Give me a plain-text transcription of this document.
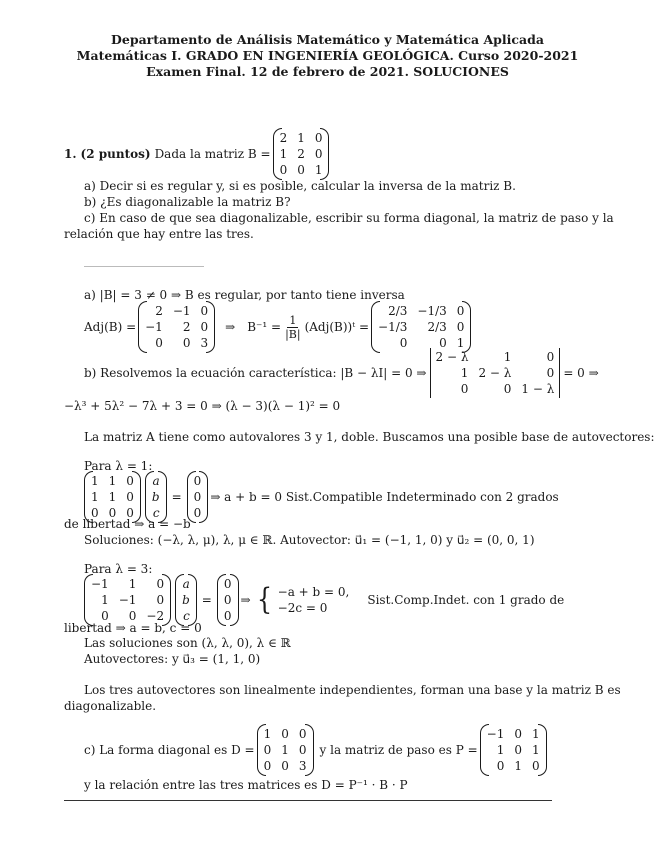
Departamento de Análisis Matemático y Matemática Aplicada
Matemáticas I. GRADO EN INGENIERÍA GEOLÓGICA. Curso 2020-2021
Examen Final. 12 de febrero de 2021. SOLUCIONES
1. (2 puntos) Dada la matriz B =
2	1	0
1	2	0
0	0	1
a) Decir si es regular y, si es posible, calcular la inversa de la matriz B.
b) ¿Es diagonalizable la matriz B?
c) En caso de que sea diagonalizable, escribir su forma diagonal, la matriz de paso y la
relación que hay entre las tres.
a) |B| = 3 ≠ 0 ⇒ B es regular, por tanto tiene inversa
Adj(B) =
2	−1	0
−1	2	0
0	0	3
⇒ $B^{-1} = \frac{1}{|B|}$ (Adj(B))ᵗ =
2/3	−1/3	0
−1/3	2/3	0
0	0	1
b) Resolvemos la ecuación característica: |B − λI| = 0 ⇒
2 − λ	1	0
1	2 − λ	0
0	0	1 − λ
= 0 ⇒
−λ³ + 5λ² − 7λ + 3 = 0 ⇒ (λ − 3)(λ − 1)² = 0
La matriz A tiene como autovalores 3 y 1, doble. Buscamos una posible base de autovectores:
Para λ = 1:
1	1	0
1	1	0
0	0	0
a
b
c
=
0
0
0
⇒ a + b = 0 Sist.Compatible Indeterminado con 2 grados
de libertad ⇒ a = −b
Soluciones: (−λ, λ, μ), λ, μ ∈ ℝ. Autovector: u⃗₁ = (−1, 1, 0) y u⃗₂ = (0, 0, 1)
Para λ = 3:
−1	1	0
1	−1	0
0	0	−2
a
b
c
=
0
0
0
⇒ { −a + b = 0,
−2c = 0
Sist.Comp.Indet. con 1 grado de
libertad ⇒ a = b, c = 0
Las soluciones son (λ, λ, 0), λ ∈ ℝ
Autovectores: y u⃗₃ = (1, 1, 0)
Los tres autovectores son linealmente independientes, forman una base y la matriz B es
diagonalizable.
c) La forma diagonal es D =
1	0	0
0	1	0
0	0	3
y la matriz de paso es P =
−1	0	1
1	0	1
0	1	0
y la relación entre las tres matrices es D = P⁻¹ · B · P
